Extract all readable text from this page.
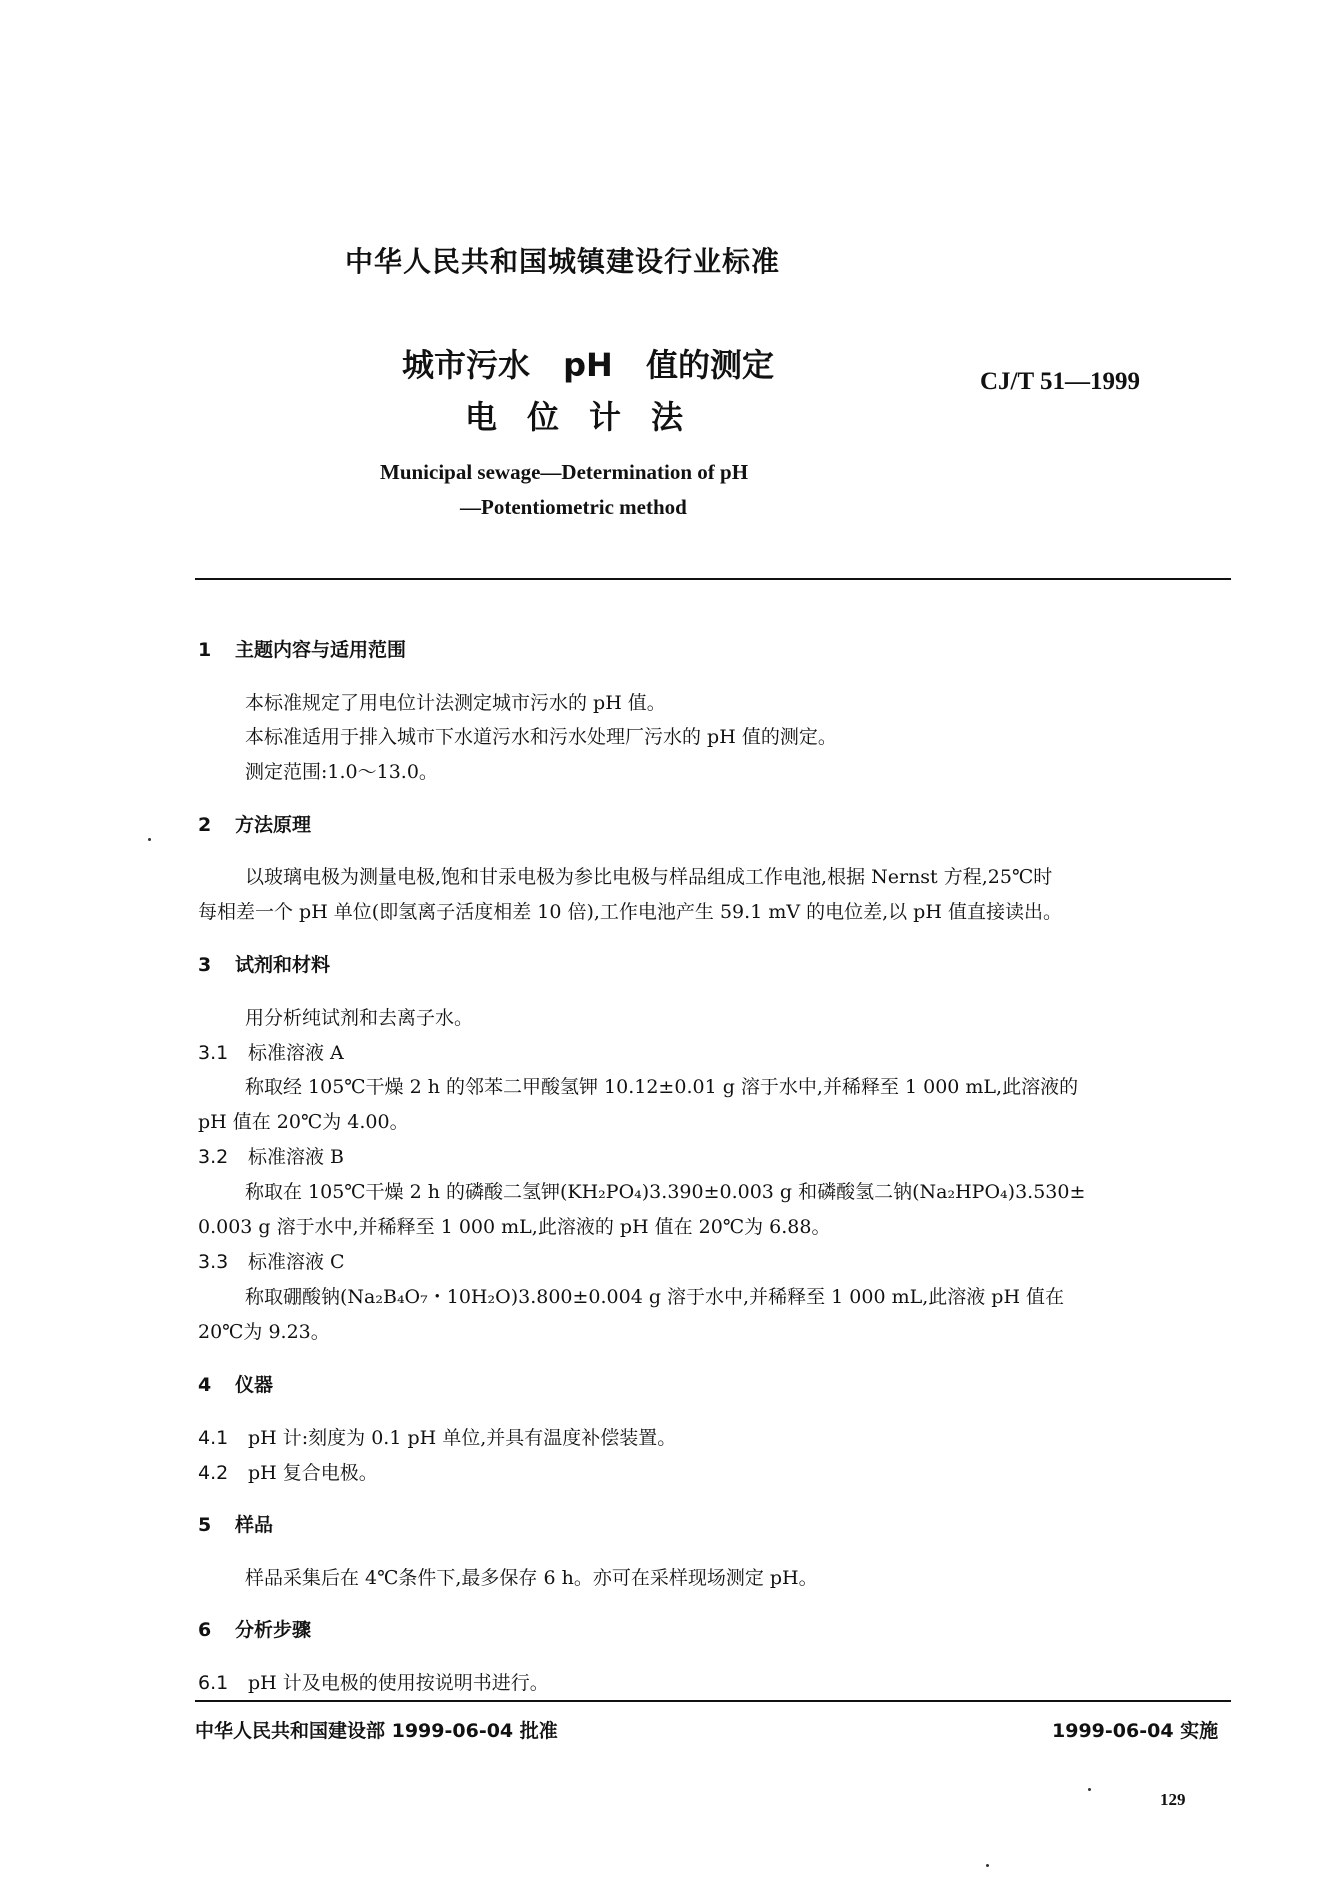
中华人民共和国城镇建设行业标准
城市污水 pH 值的测定
电位计法
CJ/T 51—1999
Municipal sewage—Determination of pH
—Potentiometric method
1 主题内容与适用范围
本标准规定了用电位计法测定城市污水的 pH 值。
本标准适用于排入城市下水道污水和污水处理厂污水的 pH 值的测定。
测定范围:1.0～13.0。
2 方法原理
以玻璃电极为测量电极,饱和甘汞电极为参比电极与样品组成工作电池,根据 Nernst 方程,25℃时
每相差一个 pH 单位(即氢离子活度相差 10 倍),工作电池产生 59.1 mV 的电位差,以 pH 值直接读出。
3 试剂和材料
用分析纯试剂和去离子水。
3.1 标准溶液 A
称取经 105℃干燥 2 h 的邻苯二甲酸氢钾 10.12±0.01 g 溶于水中,并稀释至 1 000 mL,此溶液的
pH 值在 20℃为 4.00。
3.2 标准溶液 B
称取在 105℃干燥 2 h 的磷酸二氢钾(KH₂PO₄)3.390±0.003 g 和磷酸氢二钠(Na₂HPO₄)3.530±
0.003 g 溶于水中,并稀释至 1 000 mL,此溶液的 pH 值在 20℃为 6.88。
3.3 标准溶液 C
称取硼酸钠(Na₂B₄O₇・10H₂O)3.800±0.004 g 溶于水中,并稀释至 1 000 mL,此溶液 pH 值在
20℃为 9.23。
4 仪器
4.1 pH 计:刻度为 0.1 pH 单位,并具有温度补偿装置。
4.2 pH 复合电极。
5 样品
样品采集后在 4℃条件下,最多保存 6 h。亦可在采样现场测定 pH。
6 分析步骤
6.1 pH 计及电极的使用按说明书进行。
中华人民共和国建设部 1999-06-04 批准	1999-06-04 实施
129
